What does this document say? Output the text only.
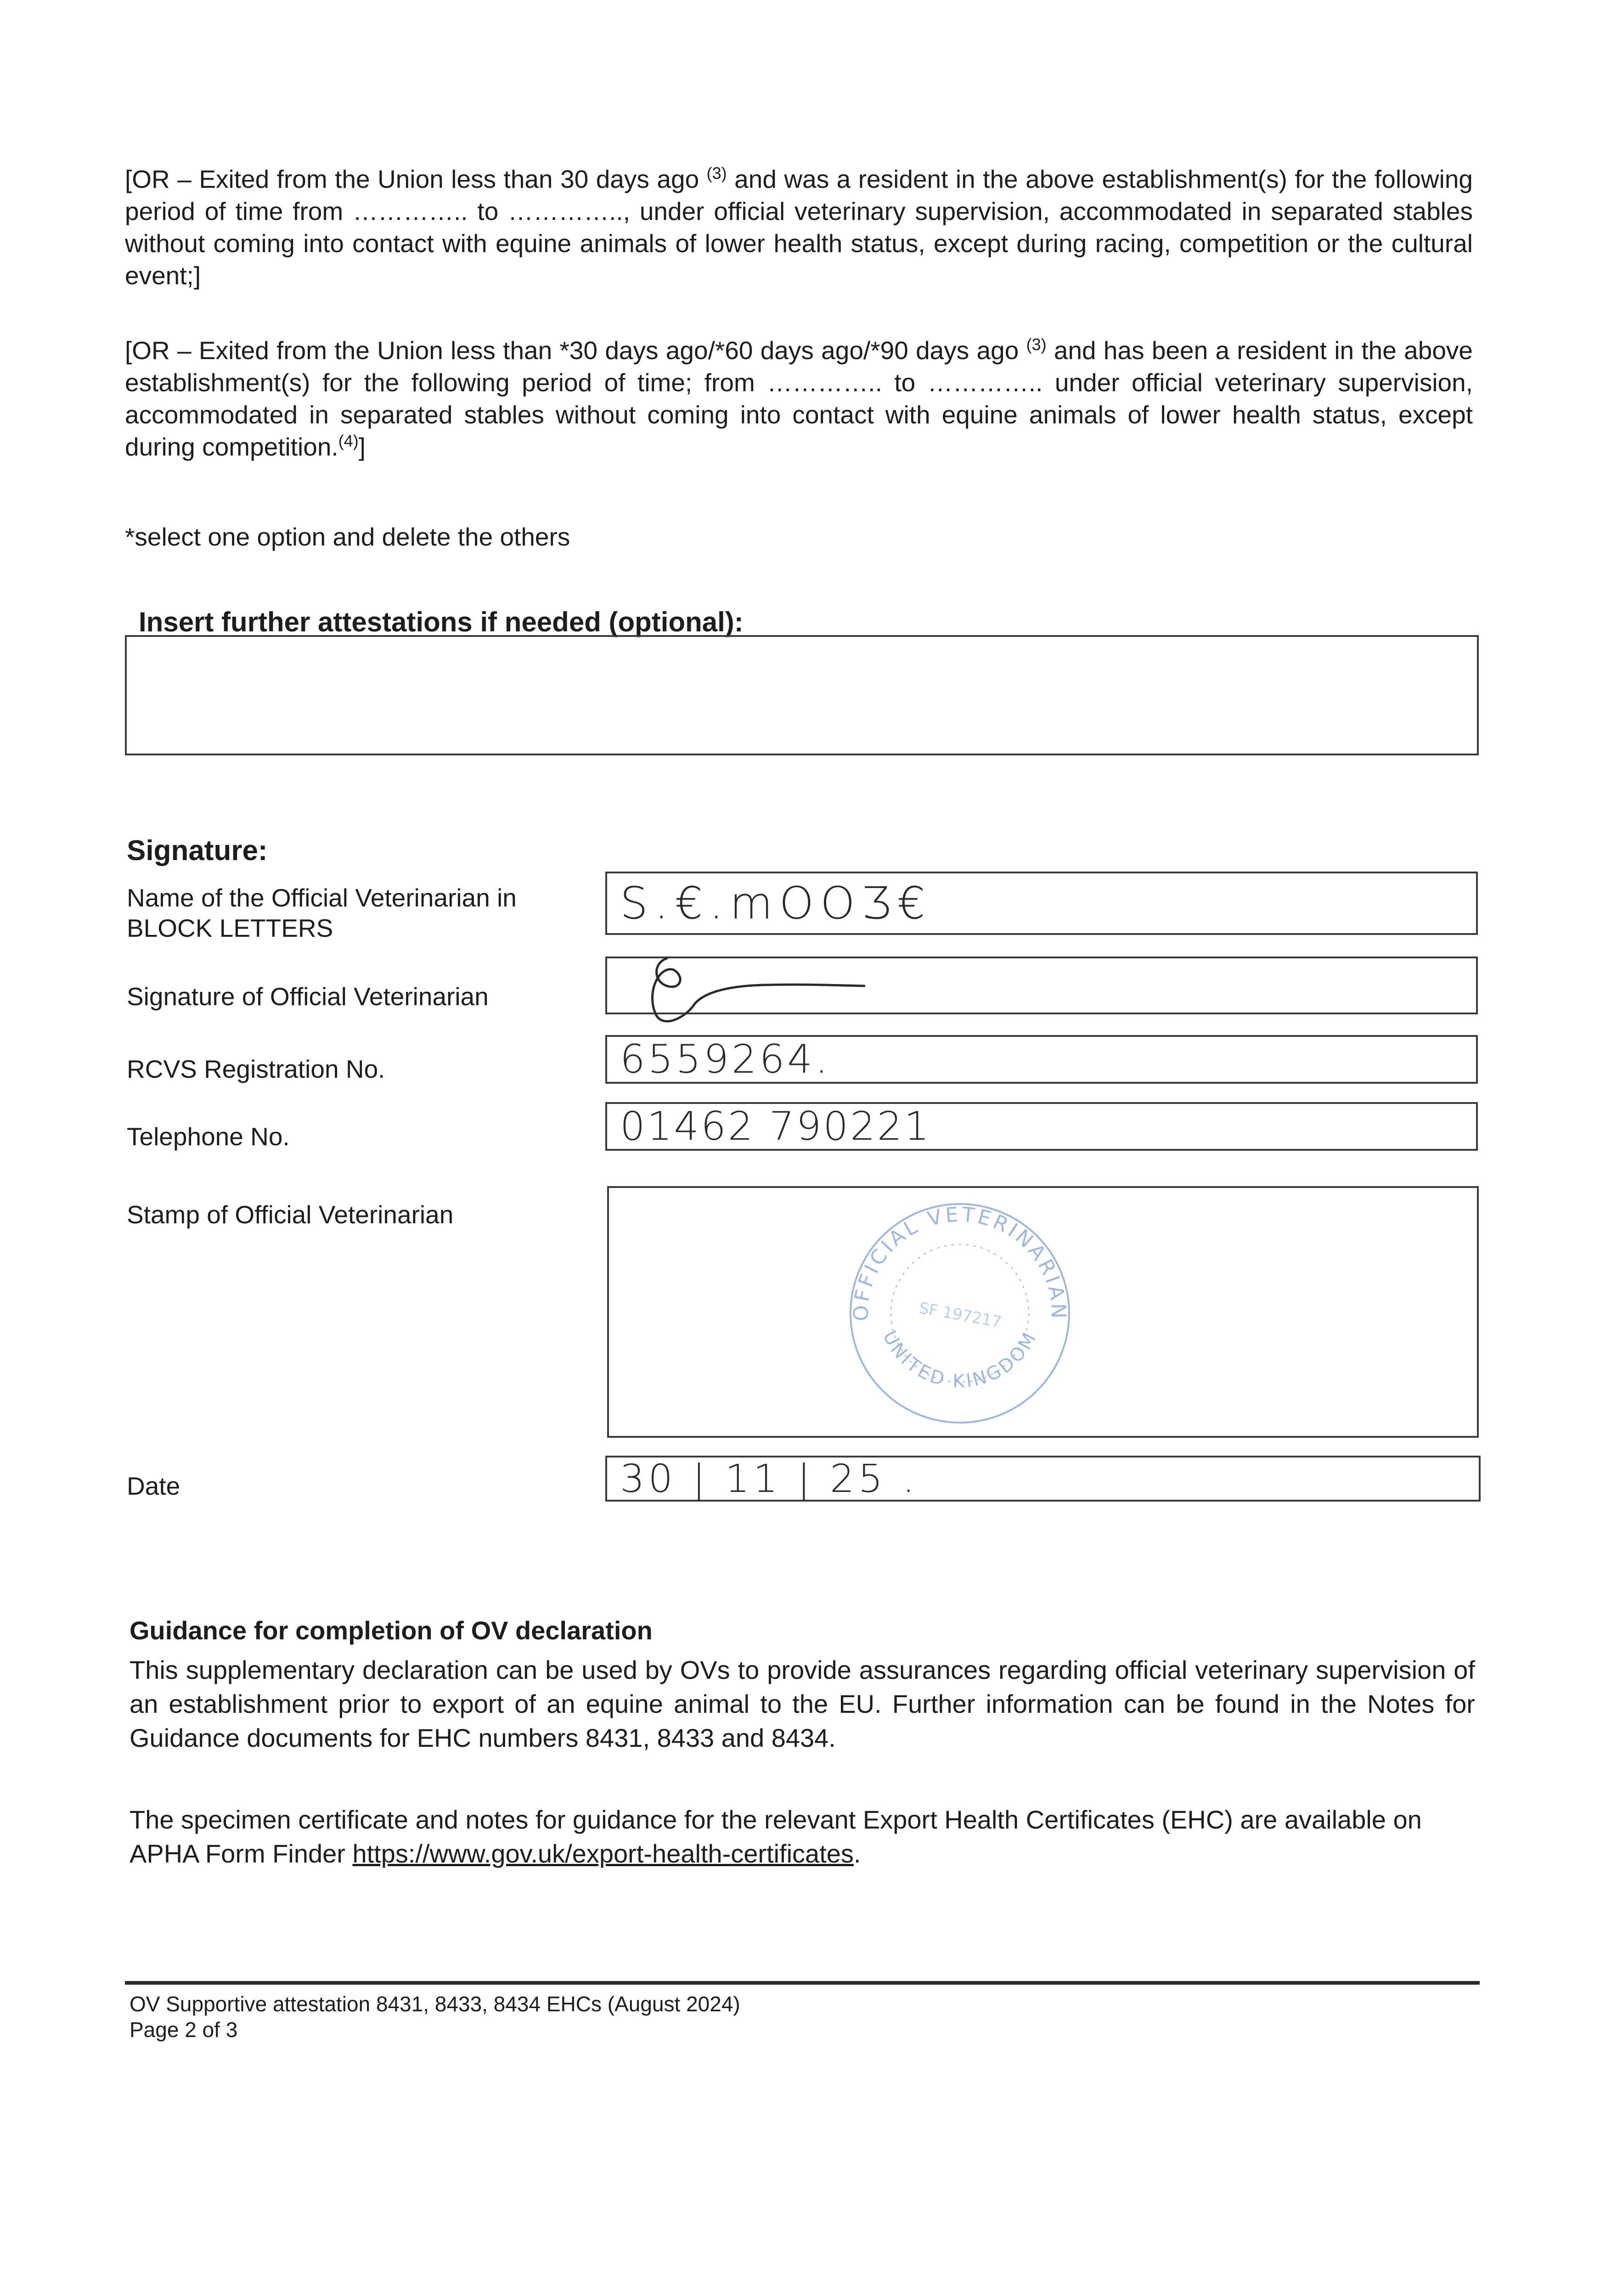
[OR – Exited from the Union less than 30 days ago $^{(3)}$ and was a resident in the above establishment(s) for the following period of time from ………….. to ………….., under official veterinary supervision, accommodated in separated stables without coming into contact with equine animals of lower health status, except during racing, competition or the cultural event;]

[OR – Exited from the Union less than *30 days ago/*60 days ago/*90 days ago $^{(3)}$ and has been a resident in the above establishment(s) for the following period of time; from ………….. to ………….. under official veterinary supervision, accommodated in separated stables without coming into contact with equine animals of lower health status, except during competition.$^{(4)}$]

*select one option and delete the others

Insert further attestations if needed (optional):

Signature:

Name of the Official Veterinarian in BLOCK LETTERS	S.€.mOOƷ€

Signature of Official Veterinarian

RCVS Registration No.	6559264.

Telephone No.	01462 790221

Stamp of Official Veterinarian

OFFICIAL VETERINARIAN
UNITED KINGDOM
SF 197217

Date	30 | 11 | 25 .

Guidance for completion of OV declaration

This supplementary declaration can be used by OVs to provide assurances regarding official veterinary supervision of an establishment prior to export of an equine animal to the EU. Further information can be found in the Notes for Guidance documents for EHC numbers 8431, 8433 and 8434.

The specimen certificate and notes for guidance for the relevant Export Health Certificates (EHC) are available on APHA Form Finder https://www.gov.uk/export-health-certificates.

OV Supportive attestation 8431, 8433, 8434 EHCs (August 2024)

Page 2 of 3
